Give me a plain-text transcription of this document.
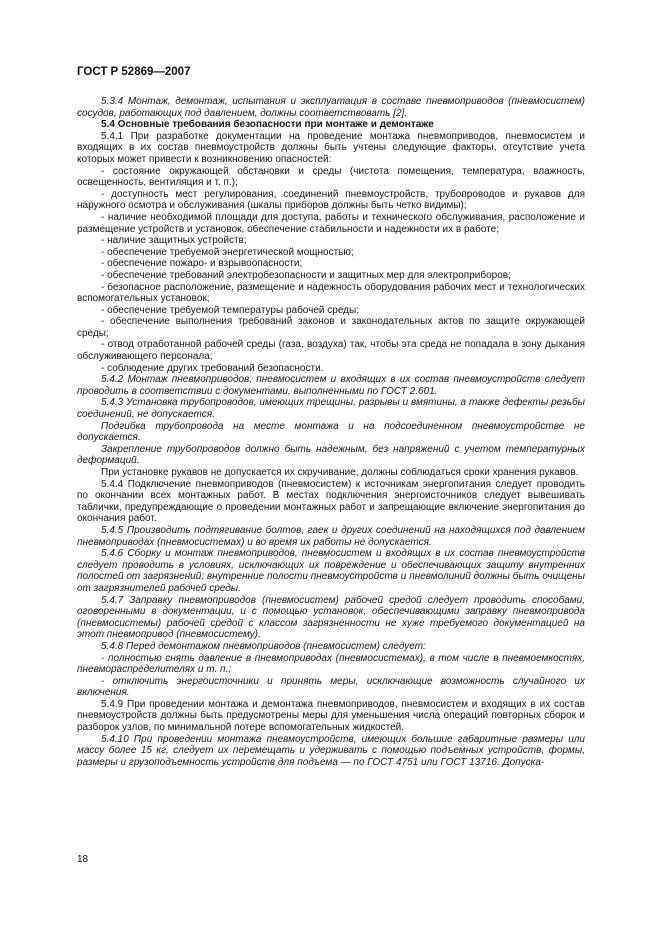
ГОСТ Р 52869—2007

5.3.4 Монтаж, демонтаж, испытания и эксплуатация в составе пневмоприводов (пневмосистем) сосудов, работающих под давлением, должны соответствовать [2].

5.4 Основные требования безопасности при монтаже и демонтаже

5.4.1 При разработке документации на проведение монтажа пневмоприводов, пневмосистем и входящих в их состав пневмоустройств должны быть учтены следующие факторы, отсутствие учета которых может привести к возникновению опасностей:

- состояние окружающей обстановки и среды (чистота помещения, температура, влажность, освещенность, вентиляция и т. п.);

- доступность мест регулирования, соединений пневмоустройств, трубопроводов и рукавов для наружного осмотра и обслуживания (шкалы приборов должны быть четко видимы);

- наличие необходимой площади для доступа, работы и технического обслуживания, расположение и размещение устройств и установок, обеспечение стабильности и надежности их в работе;

- наличие защитных устройств;

- обеспечение требуемой энергетической мощностью;

- обеспечение пожаро- и взрывоопасности;

- обеспечение требований электробезопасности и защитных мер для электроприборов;

- безопасное расположение, размещение и надежность оборудования рабочих мест и технологических вспомогательных установок;

- обеспечение требуемой температуры рабочей среды;

- обеспечение выполнения требований законов и законодательных актов по защите окружающей среды;

- отвод отработанной рабочей среды (газа, воздуха) так, чтобы эта среда не попадала в зону дыхания обслуживающего персонала;

- соблюдение других требований безопасности.

5.4.2 Монтаж пневмоприводов, пневмосистем и входящих в их состав пневмоустройств следует проводить в соответствии с документами, выполненными по ГОСТ 2.601.

5.4.3 Установка трубопроводов, имеющих трещины, разрывы и вмятины, а также дефекты резьбы соединений, не допускается.

Подгибка трубопровода на месте монтажа и на подсоединенном пневмоустройстве не допускается.

Закрепление трубопроводов должно быть надежным, без напряжений с учетом температурных деформаций.

При установке рукавов не допускается их скручивание, должны соблюдаться сроки хранения рукавов.

5.4.4 Подключение пневмоприводов (пневмосистем) к источникам энергопитания следует проводить по окончании всех монтажных работ. В местах подключения энергоисточников следует вывешивать таблички, предупреждающие о проведении монтажных работ и запрещающие включение энергопитания до окончания работ.

5.4.5 Производить подтягивание болтов, гаек и других соединений на находящихся под давлением пневмоприводах (пневмосистемах) и во время их работы не допускается.

5.4.6 Сборку и монтаж пневмоприводов, пневмосистем и входящих в их состав пневмоустройств следует проводить в условиях, исключающих их повреждение и обеспечивающих защиту внутренних полостей от загрязнений; внутренние полости пневмоустройств и пневмолиний должны быть очищены от загрязнителей рабочей среды.

5.4.7 Заправку пневмоприводов (пневмосистем) рабочей средой следует проводить способами, оговоренными в документации, и с помощью установок, обеспечивающими заправку пневмопривода (пневмосистемы) рабочей средой с классом загрязненности не хуже требуемого документацией на этот пневмопривод (пневмосистему).

5.4.8 Перед демонтажом пневмоприводов (пневмосистем) следует:

- полностью снять давление в пневмоприводах (пневмосистемах), в том числе в пневмоемкостях, пневмораспределителях и т. п.;

- отключить энергоисточники и принять меры, исключающие возможность случайного их включения.

5.4.9 При проведении монтажа и демонтажа пневмоприводов, пневмосистем и входящих в их состав пневмоустройств должны быть предусмотрены меры для уменьшения числа операций повторных сборок и разборок узлов, по минимальной потере вспомогательных жидкостей.

5.4.10 При проведении монтажа пневмоустройств, имеющих большие габаритные размеры или массу более 15 кг, следует их перемещать и удерживать с помощью подъемных устройств, формы, размеры и грузоподъемность устройств для подъема — по ГОСТ 4751 или ГОСТ 13716. Допуска-

18
